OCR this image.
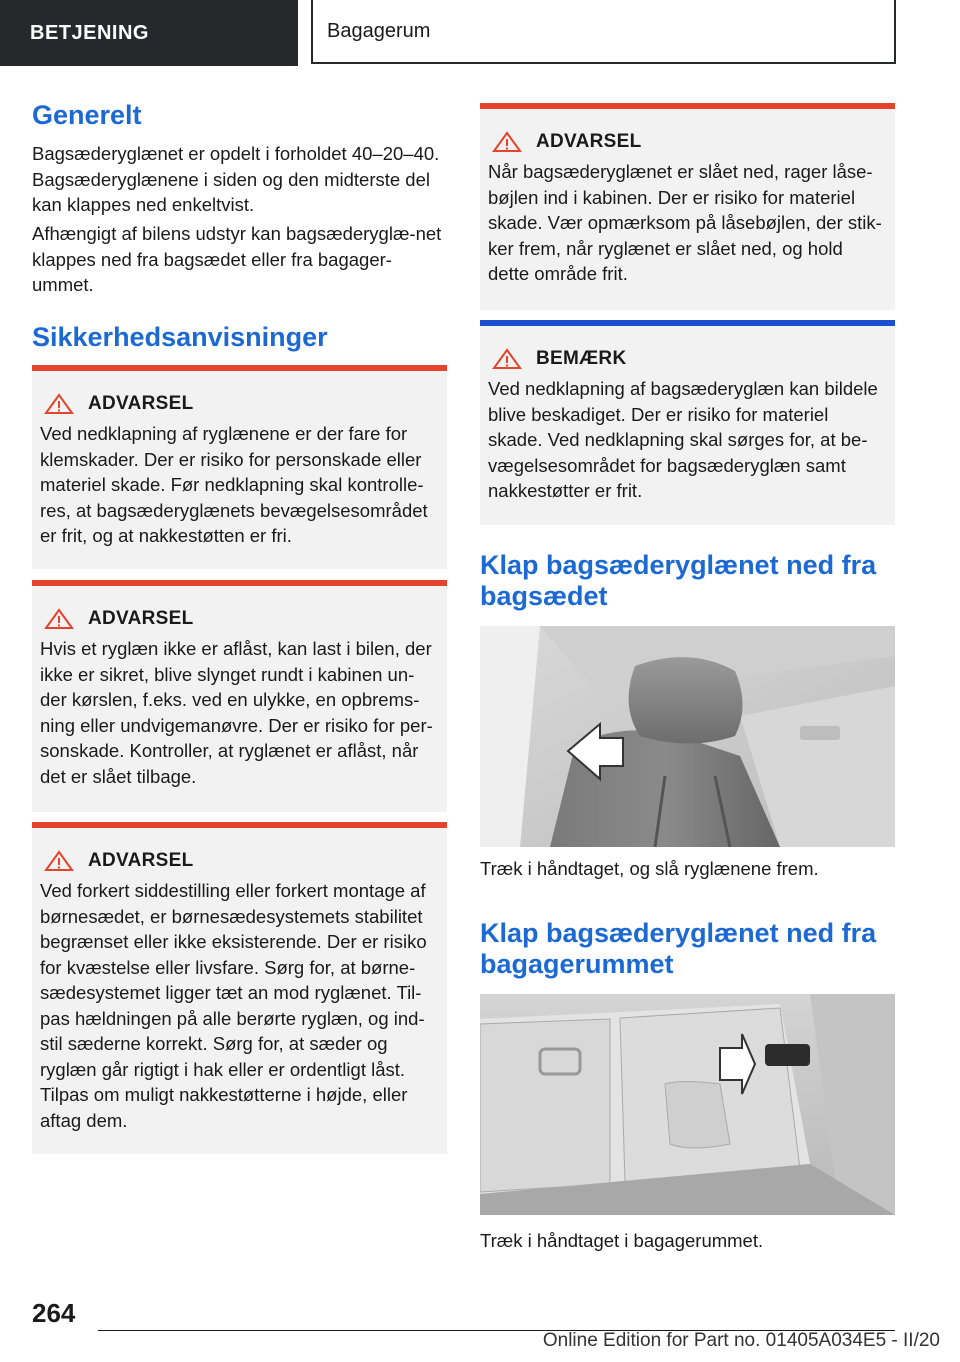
BETJENING	Bagagerum
Generelt

Bagsæderyglænet er opdelt i forholdet 40–20–40. Bagsæderyglænene i siden og den midterste del kan klappes ned enkeltvist.

Afhængigt af bilens udstyr kan bagsæderyglæ-net klappes ned fra bagsædet eller fra bagager-ummet.

Sikkerhedsanvisninger
ADVARSEL

Ved nedklapning af ryglænene er der fare for klemskader. Der er risiko for personskade eller materiel skade. Før nedklapning skal kontrolle-res, at bagsæderyglænets bevægelsesområdet er frit, og at nakkestøtten er fri.

ADVARSEL

Hvis et ryglæn ikke er aflåst, kan last i bilen, der ikke er sikret, blive slynget rundt i kabinen un-der kørslen, f.eks. ved en ulykke, en opbrems-ning eller undvigemanøvre. Der er risiko for per-sonskade. Kontroller, at ryglænet er aflåst, når det er slået tilbage.

ADVARSEL

Ved forkert siddestilling eller forkert montage af børnesædet, er børnesædesystemets stabilitet begrænset eller ikke eksisterende. Der er risiko for kvæstelse eller livsfare. Sørg for, at børne-sædesystemet ligger tæt an mod ryglænet. Til-pas hældningen på alle berørte ryglæn, og ind-stil sæderne korrekt. Sørg for, at sæder og ryglæn går rigtigt i hak eller er ordentligt låst. Tilpas om muligt nakkestøtterne i højde, eller aftag dem.

ADVARSEL

Når bagsæderyglænet er slået ned, rager låse-bøjlen ind i kabinen. Der er risiko for materiel skade. Vær opmærksom på låsebøjlen, der stik-ker frem, når ryglænet er slået ned, og hold dette område frit.

BEMÆRK

Ved nedklapning af bagsæderyglæn kan bildele blive beskadiget. Der er risiko for materiel skade. Ved nedklapning skal sørges for, at be-vægelsesområdet for bagsæderyglæn samt nakkestøtter er frit.

Klap bagsæderyglænet ned fra bagsædet
Træk i håndtaget, og slå ryglænene frem.
Klap bagsæderyglænet ned fra bagagerummet
Træk i håndtaget i bagagerummet.
264
Online Edition for Part no. 01405A034E5 - II/20
